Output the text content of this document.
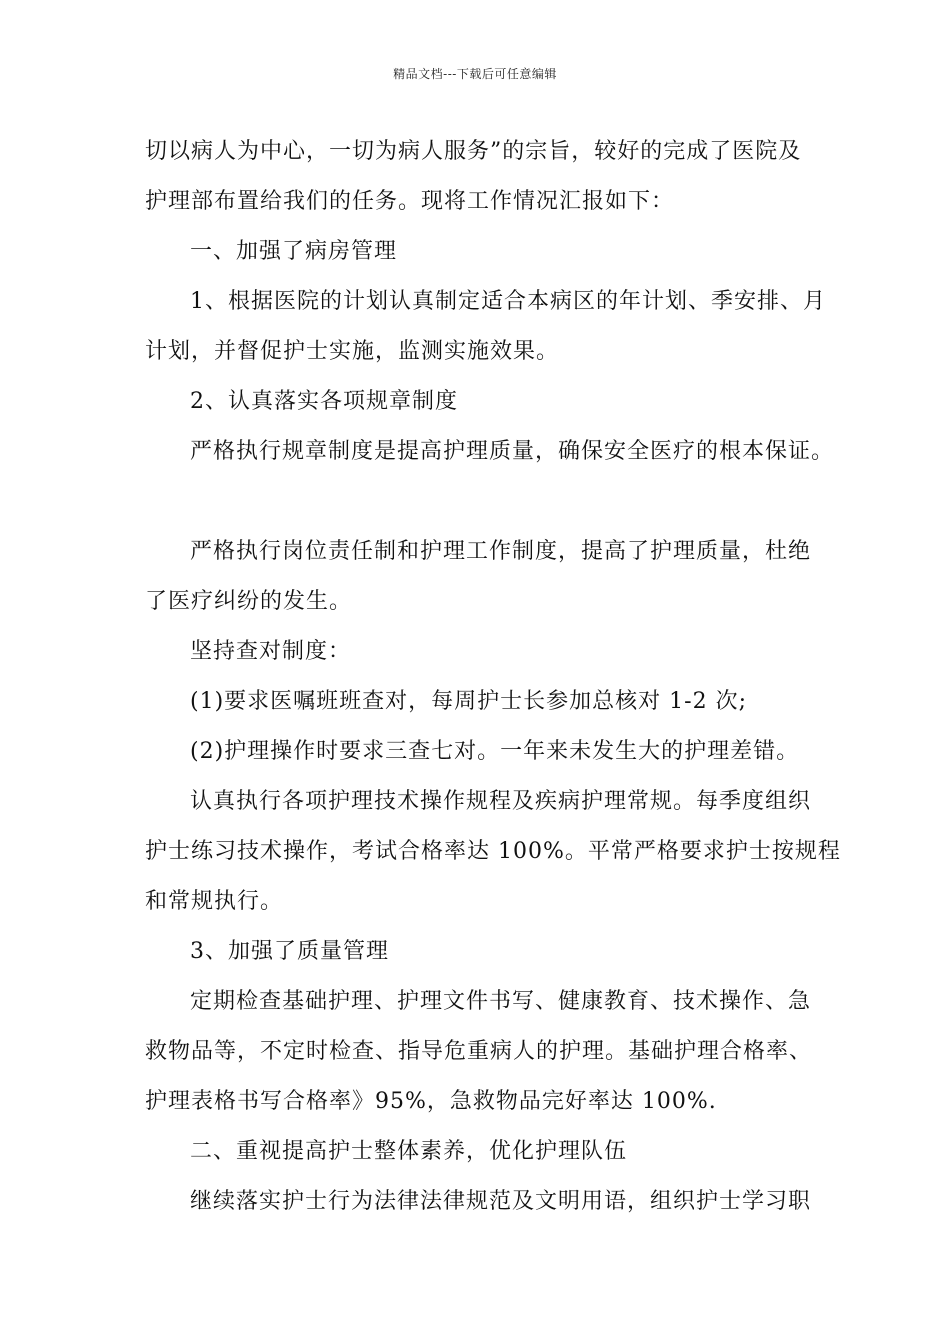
精品文档---下载后可任意编辑
切以病人为中心，一切为病人服务”的宗旨，较好的完成了医院及
护理部布置给我们的任务。现将工作情况汇报如下：
一、加强了病房管理
1、根据医院的计划认真制定适合本病区的年计划、季安排、月
计划，并督促护士实施，监测实施效果。
2、认真落实各项规章制度
严格执行规章制度是提高护理质量，确保安全医疗的根本保证。
严格执行岗位责任制和护理工作制度，提高了护理质量，杜绝
了医疗纠纷的发生。
坚持查对制度：
(1)要求医嘱班班查对，每周护士长参加总核对 1-2 次;
(2)护理操作时要求三查七对。一年来未发生大的护理差错。
认真执行各项护理技术操作规程及疾病护理常规。每季度组织
护士练习技术操作，考试合格率达 100%。平常严格要求护士按规程
和常规执行。
3、加强了质量管理
定期检查基础护理、护理文件书写、健康教育、技术操作、急
救物品等，不定时检查、指导危重病人的护理。基础护理合格率、
护理表格书写合格率》95%，急救物品完好率达 100%.
二、重视提高护士整体素养，优化护理队伍
继续落实护士行为法律法律规范及文明用语，组织护士学习职
